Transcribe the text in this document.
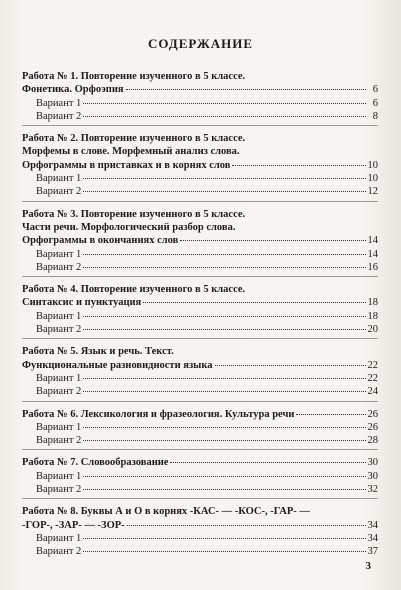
СОДЕРЖАНИЕ
Работа № 1. Повторение изученного в 5 классе.
Фонетика. Орфоэпия	6
Вариант 1	6
Вариант 2	8
Работа № 2. Повторение изученного в 5 классе.
Морфемы в слове. Морфемный анализ слова.
Орфограммы в приставках и в корнях слов	10
Вариант 1	10
Вариант 2	12
Работа № 3. Повторение изученного в 5 классе.
Части речи. Морфологический разбор слова.
Орфограммы в окончаниях слов	14
Вариант 1	14
Вариант 2	16
Работа № 4. Повторение изученного в 5 классе.
Синтаксис и пунктуация	18
Вариант 1	18
Вариант 2	20
Работа № 5. Язык и речь. Текст.
Функциональные разновидности языка	22
Вариант 1	22
Вариант 2	24
Работа № 6. Лексикология и фразеология. Культура речи	26
Вариант 1	26
Вариант 2	28
Работа № 7. Словообразование	30
Вариант 1	30
Вариант 2	32
Работа № 8. Буквы А и О в корнях -КАС- — -КОС-, -ГАР- —
-ГОР-, -ЗАР- — -ЗОР-	34
Вариант 1	34
Вариант 2	37
3
